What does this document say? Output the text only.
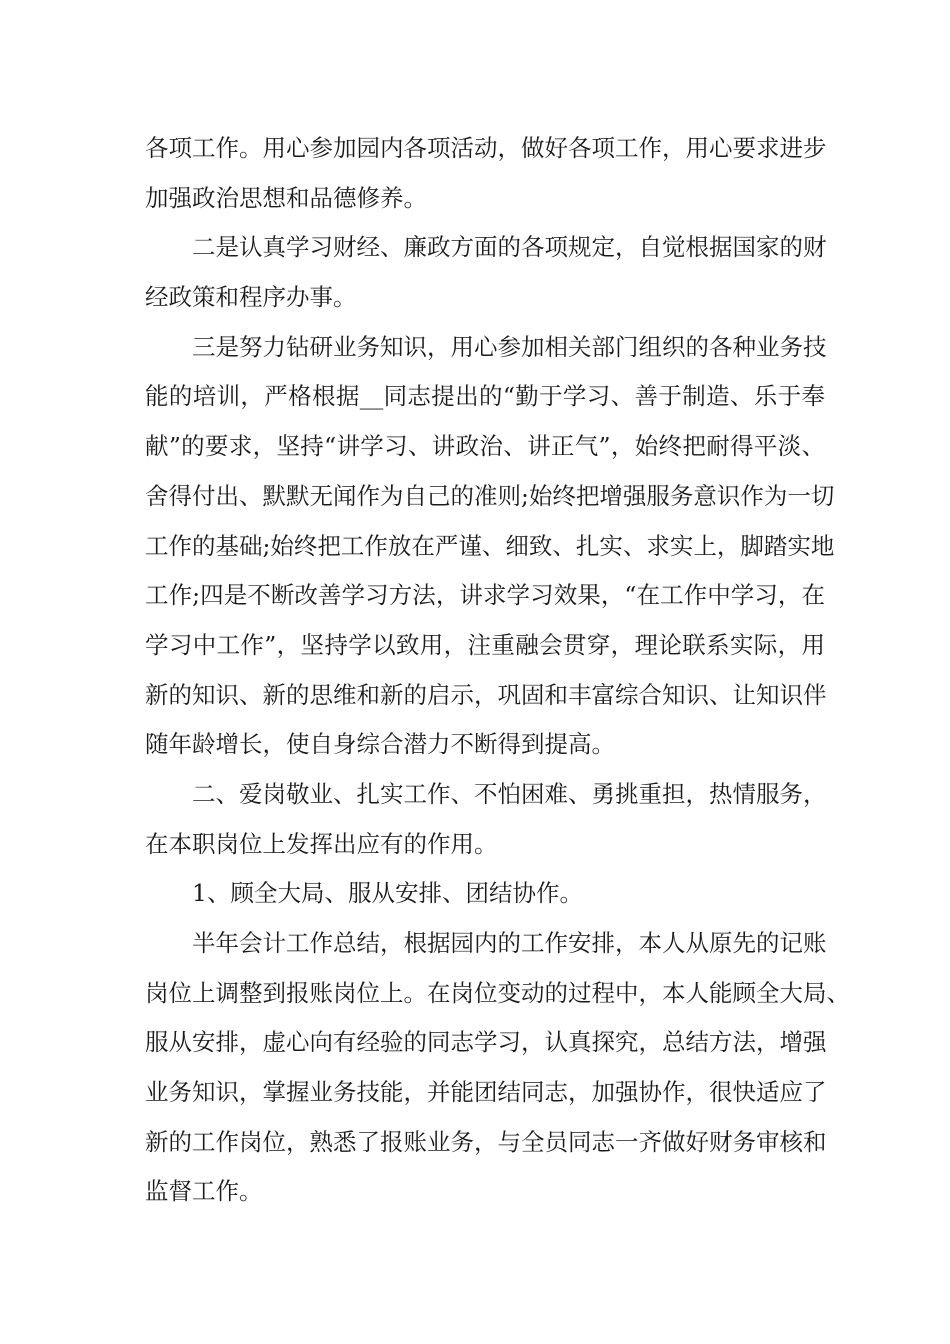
各项工作。用心参加园内各项活动，做好各项工作，用心要求进步
加强政治思想和品德修养。
二是认真学习财经、廉政方面的各项规定，自觉根据国家的财
经政策和程序办事。
三是努力钻研业务知识，用心参加相关部门组织的各种业务技
能的培训，严格根据__同志提出的“勤于学习、善于制造、乐于奉
献”的要求，坚持“讲学习、讲政治、讲正气”，始终把耐得平淡、
舍得付出、默默无闻作为自己的准则;始终把增强服务意识作为一切
工作的基础;始终把工作放在严谨、细致、扎实、求实上，脚踏实地
工作;四是不断改善学习方法，讲求学习效果，“在工作中学习，在
学习中工作”，坚持学以致用，注重融会贯穿，理论联系实际，用
新的知识、新的思维和新的启示，巩固和丰富综合知识、让知识伴
随年龄增长，使自身综合潜力不断得到提高。
二、爱岗敬业、扎实工作、不怕困难、勇挑重担，热情服务，
在本职岗位上发挥出应有的作用。
1、顾全大局、服从安排、团结协作。
半年会计工作总结，根据园内的工作安排，本人从原先的记账
岗位上调整到报账岗位上。在岗位变动的过程中，本人能顾全大局、
服从安排，虚心向有经验的同志学习，认真探究，总结方法，增强
业务知识，掌握业务技能，并能团结同志，加强协作，很快适应了
新的工作岗位，熟悉了报账业务，与全员同志一齐做好财务审核和
监督工作。
